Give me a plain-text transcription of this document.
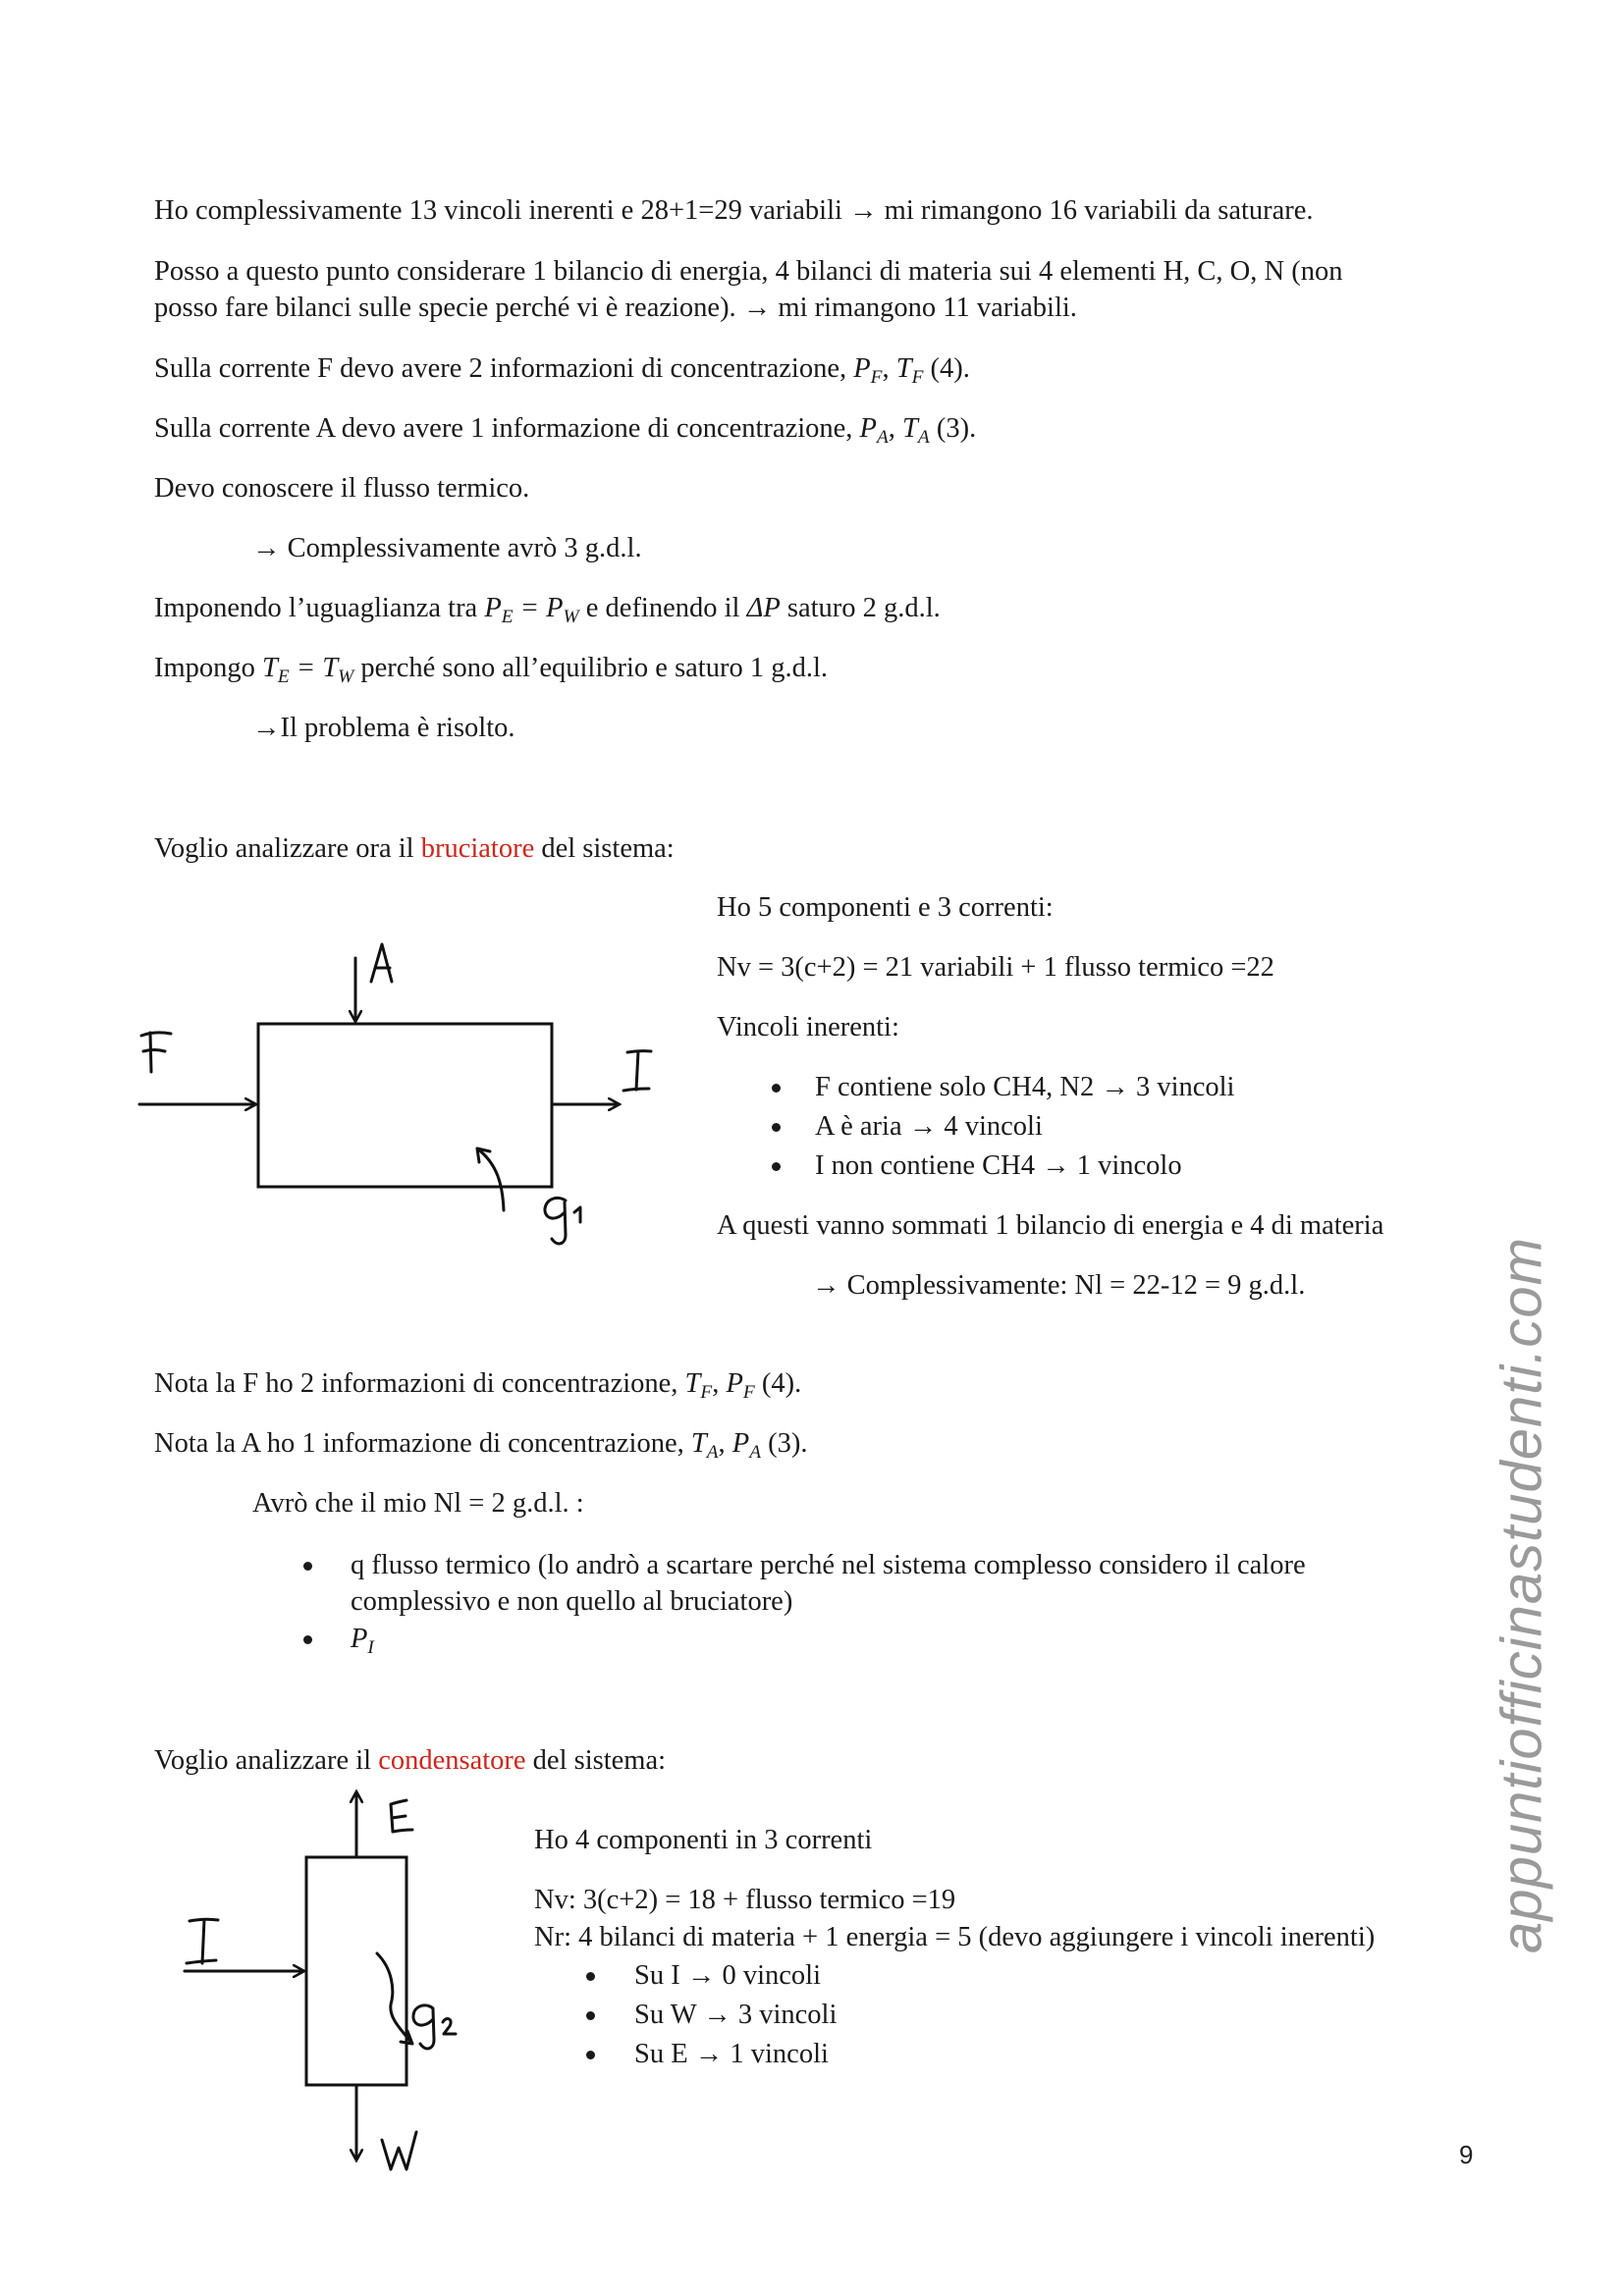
Ho complessivamente 13 vincoli inerenti e 28+1=29 variabili → mi rimangono 16 variabili da saturare.
Posso a questo punto considerare 1 bilancio di energia, 4 bilanci di materia sui 4 elementi H, C, O, N (non
posso fare bilanci sulle specie perché vi è reazione). → mi rimangono 11 variabili.
Sulla corrente F devo avere 2 informazioni di concentrazione, $P_F$, $T_F$ (4).
Sulla corrente A devo avere 1 informazione di concentrazione, $P_A$, $T_A$ (3).
Devo conoscere il flusso termico.
→ Complessivamente avrò 3 g.d.l.
Imponendo l’uguaglianza tra $P_E = P_W$ e definendo il ΔP saturo 2 g.d.l.
Impongo $T_E = T_W$ perché sono all’equilibrio e saturo 1 g.d.l.
→Il problema è risolto.
Voglio analizzare ora il bruciatore del sistema:
Ho 5 componenti e 3 correnti:
Nv = 3(c+2) = 21 variabili + 1 flusso termico =22
Vincoli inerenti:
F contiene solo CH4, N2 → 3 vincoli
A è aria → 4 vincoli
I non contiene CH4 → 1 vincolo
A questi vanno sommati 1 bilancio di energia e 4 di materia
→ Complessivamente: Nl = 22-12 = 9 g.d.l.
Nota la F ho 2 informazioni di concentrazione, $T_F$, $P_F$ (4).
Nota la A ho 1 informazione di concentrazione, $T_A$, $P_A$ (3).
Avrò che il mio Nl = 2 g.d.l. :
q flusso termico (lo andrò a scartare perché nel sistema complesso considero il calore
complessivo e non quello al bruciatore)
$P_I$
Voglio analizzare il condensatore del sistema:
Ho 4 componenti in 3 correnti
Nv: 3(c+2) = 18 + flusso termico =19
Nr: 4 bilanci di materia + 1 energia = 5 (devo aggiungere i vincoli inerenti)
Su I → 0 vincoli
Su W → 3 vincoli
Su E → 1 vincoli
appuntiofficinastudenti.com
9
